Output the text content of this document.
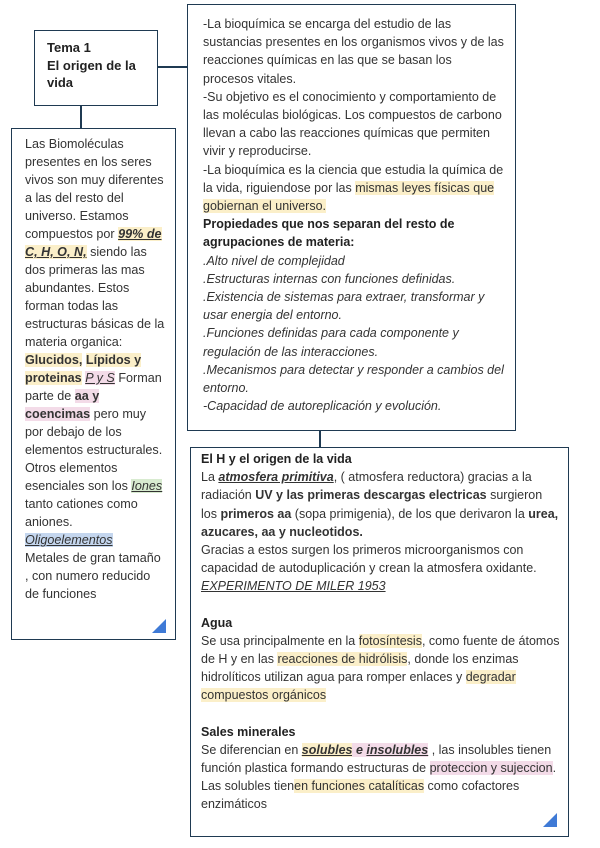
Tema 1
El origen de la
vida

Las Biomoléculas presentes en los seres vivos son muy diferentes a las del resto del universo. Estamos compuestos por 99% de C, H, O, N, siendo las dos primeras las mas abundantes. Estos forman todas las estructuras básicas de la materia organica: Glucidos, Lípidos y proteinas P y S Forman parte de aa y coencimas pero muy por debajo de los elementos estructurales. Otros elementos esenciales son los Iones tanto cationes como aniones.

Oligoelementos

Metales de gran tamaño , con numero reducido de funciones

-La bioquímica se encarga del estudio de las sustancias presentes en los organismos vivos y de las reacciones químicas en las que se basan los procesos vitales.

-Su objetivo es el conocimiento y comportamiento de las moléculas biológicas. Los compuestos de carbono llevan a cabo las reacciones químicas que permiten vivir y reproducirse.

-La bioquímica es la ciencia que estudia la química de la vida, riguiendose por las mismas leyes físicas que gobiernan el universo.

Propiedades que nos separan del resto de agrupaciones de materia:

.Alto nivel de complejidad

.Estructuras internas con funciones definidas.

.Existencia de sistemas para extraer, transformar y usar energia del entorno.

.Funciones definidas para cada componente y regulación de las interacciones.

.Mecanismos para detectar y responder a cambios del entorno.

-Capacidad de autoreplicación y evolución.

El H y el origen de la vida

La atmosfera primitiva, ( atmosfera reductora) gracias a la radiación UV y las primeras descargas electricas surgieron los primeros aa (sopa primigenia), de los que derivaron la urea, azucares, aa y nucleotidos.

Gracias a estos surgen los primeros microorganismos con capacidad de autoduplicación y crean la atmosfera oxidante.

EXPERIMENTO DE MILER 1953

Agua

Se usa principalmente en la fotosíntesis, como fuente de átomos de H y en las reacciones de hidrólisis, donde los enzimas hidrolíticos utilizan agua para romper enlaces y degradar compuestos orgánicos

Sales minerales

Se diferencian en solubles e insolubles , las insolubles tienen función plastica formando estructuras de proteccion y sujeccion. Las solubles tienen funciones catalíticas como cofactores enzimáticos
